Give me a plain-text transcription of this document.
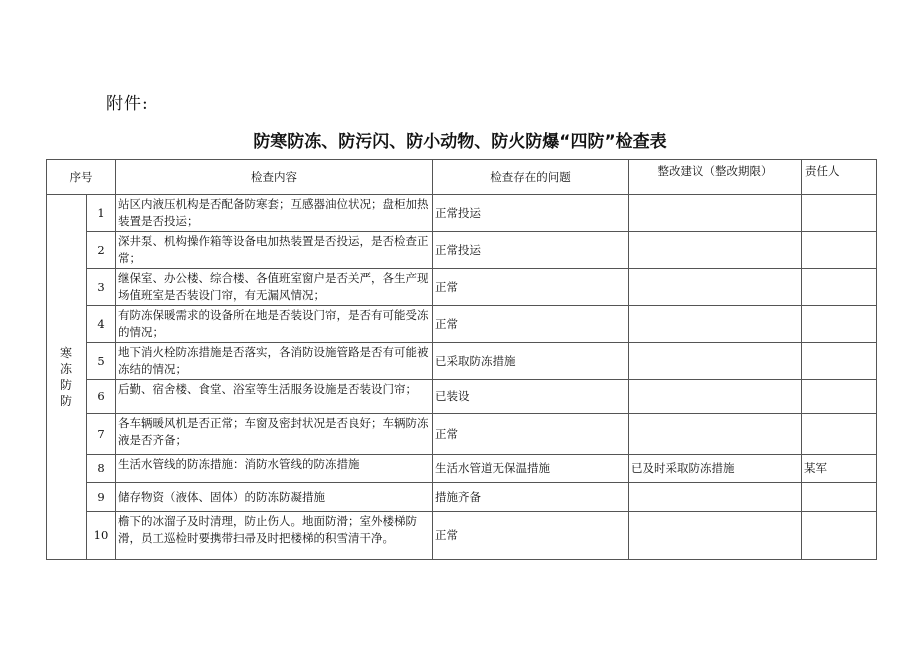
附件:
防寒防冻、防污闪、防小动物、防火防爆“四防”检查表
序号		检查内容	检查存在的问题	整改建议（整改期限）	责任人
寒冻防防	1	站区内液压机构是否配备防寒套；互感器油位状况；盘柜加热装置是否投运；	正常投运		
	2	深井泵、机构操作箱等设备电加热装置是否投运，是否检查正常；	正常投运		
	3	继保室、办公楼、综合楼、各值班室窗户是否关严，各生产现场值班室是否装设门帘，有无漏风情况；	正常		
	4	有防冻保暖需求的设备所在地是否装设门帘，是否有可能受冻的情况；	正常		
	5	地下消火栓防冻措施是否落实，各消防设施管路是否有可能被冻结的情况；	已采取防冻措施		
	6	后勤、宿舍楼、食堂、浴室等生活服务设施是否装设门帘；	已装设		
	7	各车辆暖风机是否正常；车窗及密封状况是否良好；车辆防冻液是否齐备；	正常		
	8	生活水管线的防冻措施：消防水管线的防冻措施	生活水管道无保温措施	已及时采取防冻措施	某军
	9	储存物资（液体、固体）的防冻防凝措施	措施齐备		
	10	檐下的冰溜子及时清理，防止伤人。地面防滑；室外楼梯防滑，员工巡检时要携带扫帚及时把楼梯的积雪清干净。	正常		
